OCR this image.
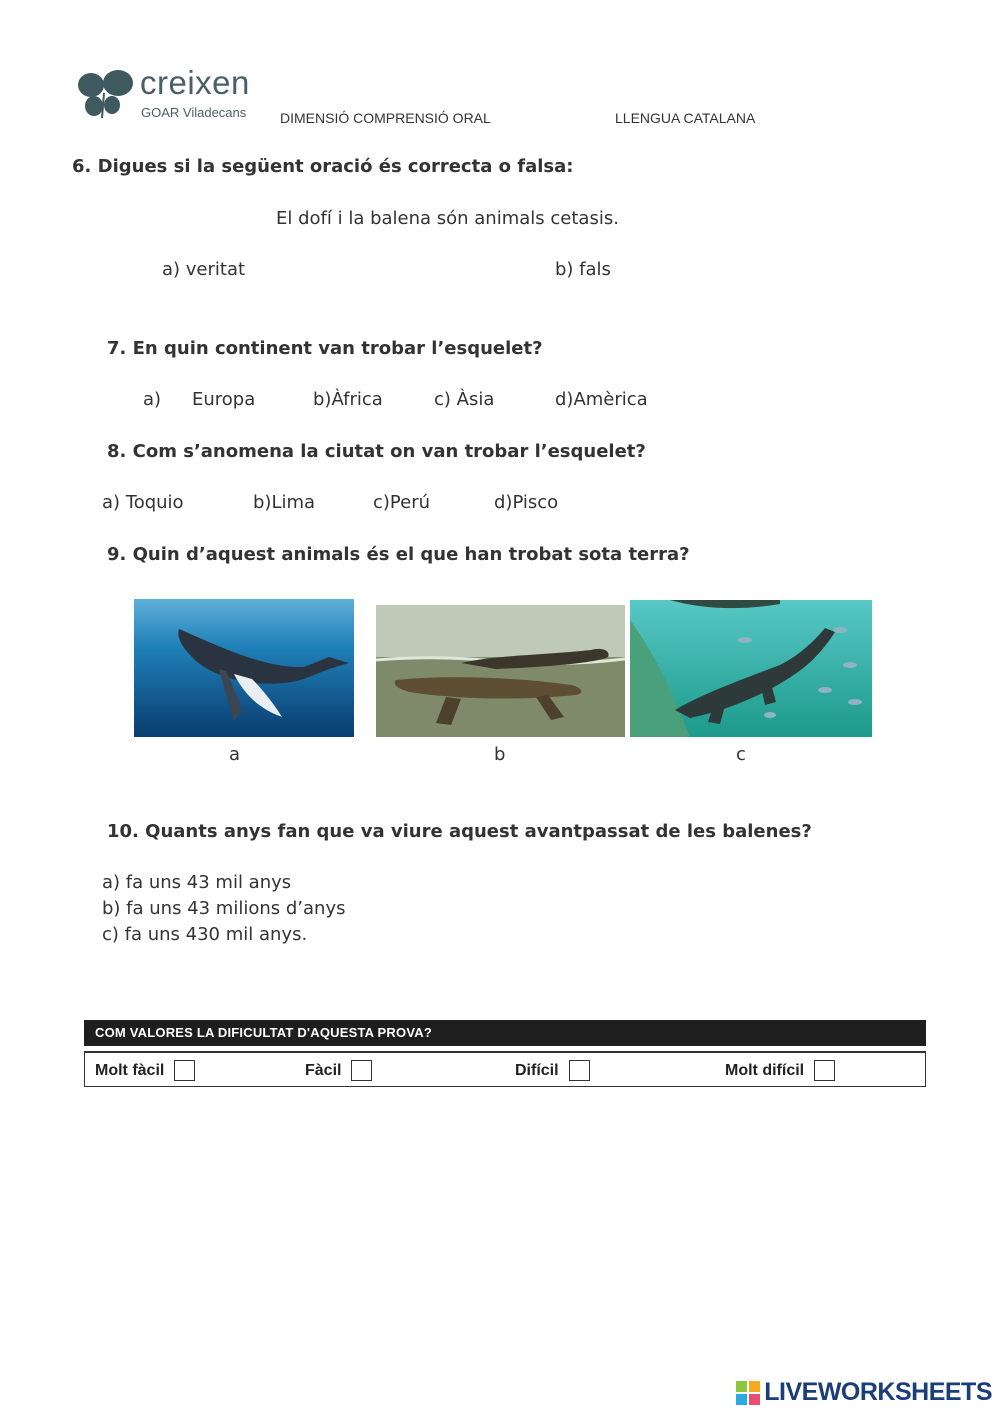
creixen
GOAR Viladecans DIMENSIÓ COMPRENSIÓ ORAL	LLENGUA CATALANA
6. Digues si la següent oració és correcta o falsa:
El dofí i la balena són animals cetasis.
a) veritat	b) fals
7. En quin continent van trobar l’esquelet?
a) Europa	b)Àfrica	c) Àsia	d)Amèrica
8. Com s’anomena la ciutat on van trobar l’esquelet?
a) Toquio	b)Lima	c)Perú	d)Pisco
9. Quin d’aquest animals és el que han trobat sota terra?
a	b	c
10. Quants anys fan que va viure aquest avantpassat de les balenes?
a) fa uns 43 mil anys
b) fa uns 43 milions d’anys
c) fa uns 430 mil anys.
COM VALORES LA DIFICULTAT D'AQUESTA PROVA?
Molt fàcil	Fàcil	Difícil	Molt difícil
LIVEWORKSHEETS
